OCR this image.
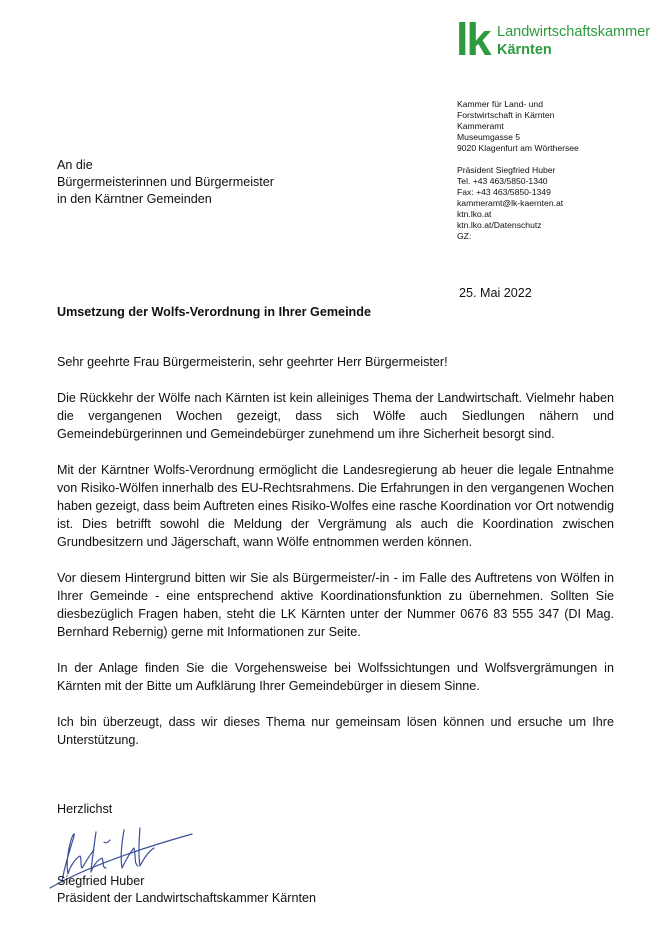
lk Landwirtschaftskammer
Kärnten
Kammer für Land- und
Forstwirtschaft in Kärnten
Kammeramt
Museumgasse 5
9020 Klagenfurt am Wörthersee
Präsident Siegfried Huber
Tel. +43 463/5850-1340
Fax: +43 463/5850-1349
kammeramt@lk-kaernten.at
ktn.lko.at
ktn.lko.at/Datenschutz
GZ:
An die
Bürgermeisterinnen und Bürgermeister
in den Kärntner Gemeinden
25. Mai 2022
Umsetzung der Wolfs-Verordnung in Ihrer Gemeinde

Sehr geehrte Frau Bürgermeisterin, sehr geehrter Herr Bürgermeister!

Die Rückkehr der Wölfe nach Kärnten ist kein alleiniges Thema der Landwirtschaft. Vielmehr haben die vergangenen Wochen gezeigt, dass sich Wölfe auch Siedlungen nähern und Gemeindebürgerinnen und Gemeindebürger zunehmend um ihre Sicherheit besorgt sind.

Mit der Kärntner Wolfs-Verordnung ermöglicht die Landesregierung ab heuer die legale Entnahme von Risiko-Wölfen innerhalb des EU-Rechtsrahmens. Die Erfahrungen in den vergangenen Wochen haben gezeigt, dass beim Auftreten eines Risiko-Wolfes eine rasche Koordination vor Ort notwendig ist. Dies betrifft sowohl die Meldung der Vergrämung als auch die Koordination zwischen Grundbesitzern und Jägerschaft, wann Wölfe entnommen werden können.

Vor diesem Hintergrund bitten wir Sie als Bürgermeister/-in - im Falle des Auftretens von Wölfen in Ihrer Gemeinde - eine entsprechend aktive Koordinationsfunktion zu übernehmen. Sollten Sie diesbezüglich Fragen haben, steht die LK Kärnten unter der Nummer 0676 83 555 347 (DI Mag. Bernhard Rebernig) gerne mit Informationen zur Seite.

In der Anlage finden Sie die Vorgehensweise bei Wolfssichtungen und Wolfsvergrämungen in Kärnten mit der Bitte um Aufklärung Ihrer Gemeindebürger in diesem Sinne.

Ich bin überzeugt, dass wir dieses Thema nur gemeinsam lösen können und ersuche um Ihre Unterstützung.

Herzlichst
Siegfried Huber
Präsident der Landwirtschaftskammer Kärnten
